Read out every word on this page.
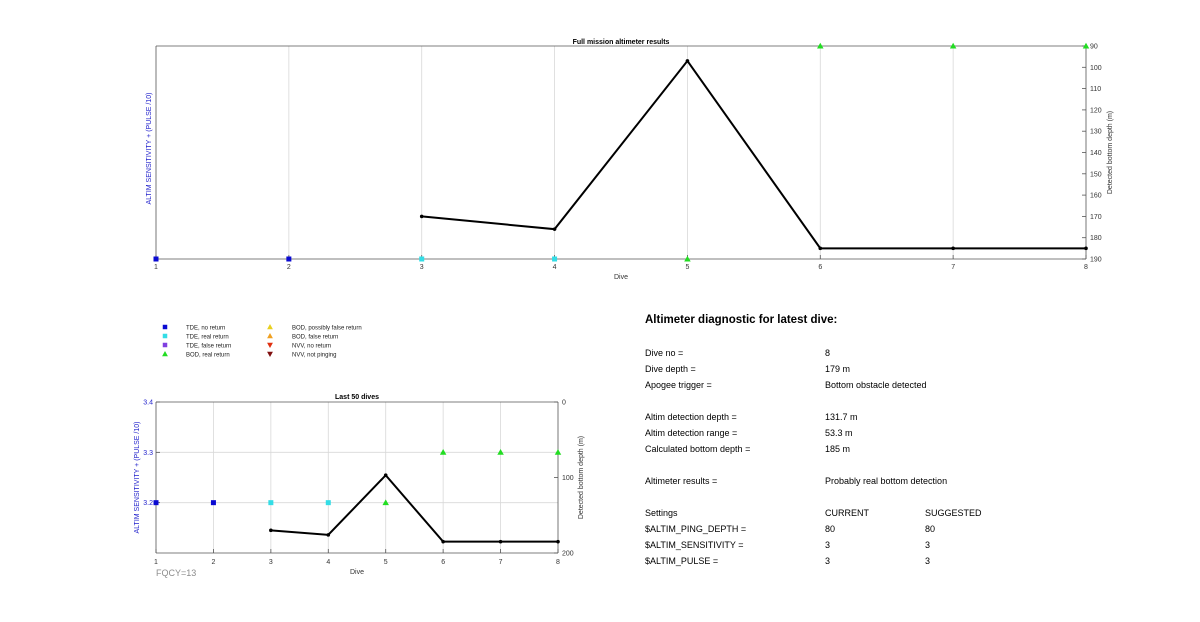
1	2	3	4	5	6	7	8
90
100
110
120
130
140
150
160
170
180
190
Full mission altimeter results
Dive
ALTIM SENSITIVITY + (PULSE /10)	Detected bottom depth (m)
TDE, no return
TDE, real return
TDE, false return
BOD, real return
BOD, possibly false return
BOD, false return
NVV, no return
NVV, not pinging
1	2	3	4	5	6	7	8
3.2
3.3
3.4	0
100
200
Last 50 dives
Dive
ALTIM SENSITIVITY + (PULSE /10)	Detected bottom depth (m)
FQCY=13
Altimeter diagnostic for latest dive:
Dive no =	8
Dive depth =	179 m
Apogee trigger =	Bottom obstacle detected
Altim detection depth =	131.7 m
Altim detection range =	53.3 m
Calculated bottom depth =	185 m
Altimeter results =	Probably real bottom detection
Settings	CURRENT	SUGGESTED
$ALTIM_PING_DEPTH =	80	80
$ALTIM_SENSITIVITY =	3	3
$ALTIM_PULSE =	3	3
